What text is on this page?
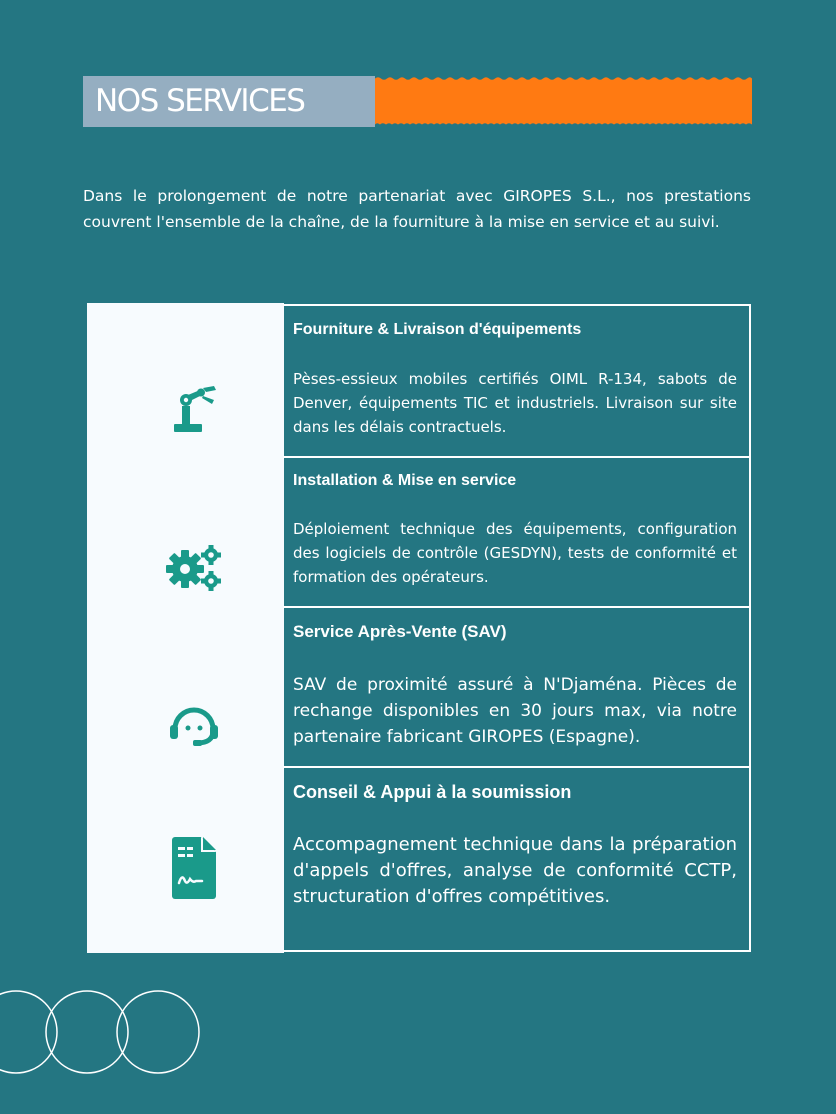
NOS SERVICES

Dans le prolongement de notre partenariat avec GIROPES S.L., nos prestations couvrent l'ensemble de la chaîne, de la fourniture à la mise en service et au suivi.

Fourniture & Livraison d'équipements

Pèses-essieux mobiles certifiés OIML R-134, sabots de Denver, équipements TIC et industriels. Livraison sur site dans les délais contractuels.

Installation & Mise en service

Déploiement technique des équipements, configuration des logiciels de contrôle (GESDYN), tests de conformité et formation des opérateurs.

Service Après-Vente (SAV)

SAV de proximité assuré à N'Djaména. Pièces de rechange disponibles en 30 jours max, via notre partenaire fabricant GIROPES (Espagne).

Conseil & Appui à la soumission

Accompagnement technique dans la préparation d'appels d'offres, analyse de conformité CCTP, structuration d'offres compétitives.
